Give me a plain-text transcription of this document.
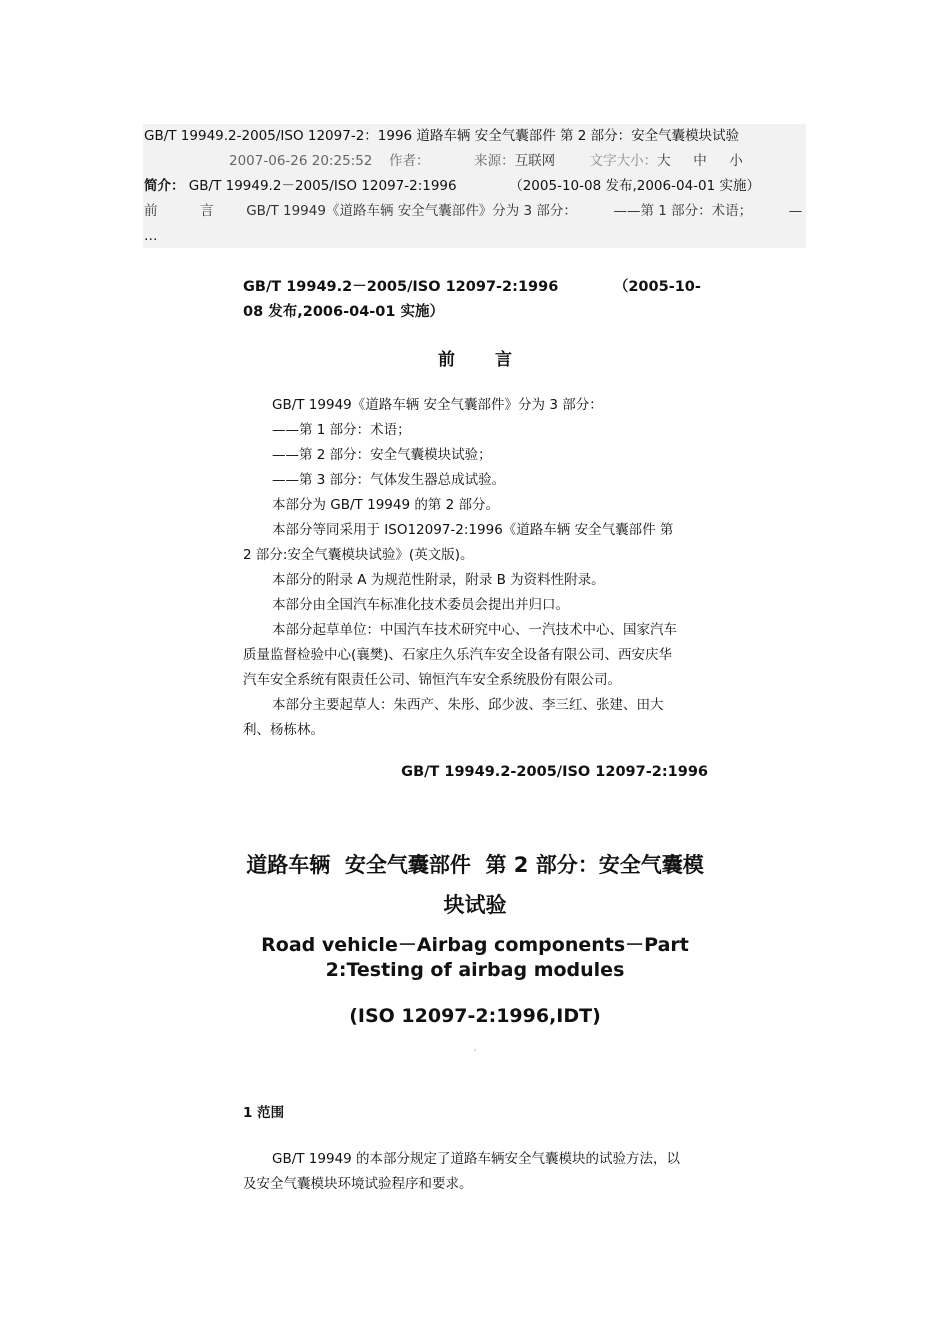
GB/T 19949.2-2005/ISO 12097-2：1996 道路车辆 安全气囊部件 第 2 部分：安全气囊模块试验
2007-06-26 20:25:52 作者：	来源：互联网	文字大小：大 中 小
简介： GB/T 19949.2－2005/ISO 12097-2:1996	（2005-10-08 发布,2006-04-01 实施）
前	言 GB/T 19949《道路车辆 安全气囊部件》分为 3 部分：	——第 1 部分：术语；	—
…
GB/T 19949.2－2005/ISO 12097-2:1996           （2005-10-
08 发布,2006-04-01 实施）
前言
GB/T 19949《道路车辆 安全气囊部件》分为 3 部分：
——第 1 部分：术语；
——第 2 部分：安全气囊模块试验；
——第 3 部分：气体发生器总成试验。
本部分为 GB/T 19949 的第 2 部分。
本部分等同采用于 ISO12097-2:1996《道路车辆 安全气囊部件 第
2 部分:安全气囊模块试验》(英文版)。
本部分的附录 A 为规范性附录，附录 B 为资料性附录。
本部分由全国汽车标准化技术委员会提出并归口。
本部分起草单位：中国汽车技术研究中心、一汽技术中心、国家汽车
质量监督检验中心(襄樊)、石家庄久乐汽车安全设备有限公司、西安庆华
汽车安全系统有限责任公司、锦恒汽车安全系统股份有限公司。
本部分主要起草人：朱西产、朱彤、邱少波、李三红、张建、田大
利、杨栋林。
GB/T 19949.2-2005/ISO 12097-2:1996
道路车辆  安全气囊部件  第 2 部分：安全气囊模
块试验
Road vehicle－Airbag components－Part
2:Testing of airbag modules
(ISO 12097-2:1996,IDT)
'
1 范围
GB/T 19949 的本部分规定了道路车辆安全气囊模块的试验方法，以
及安全气囊模块环境试验程序和要求。
